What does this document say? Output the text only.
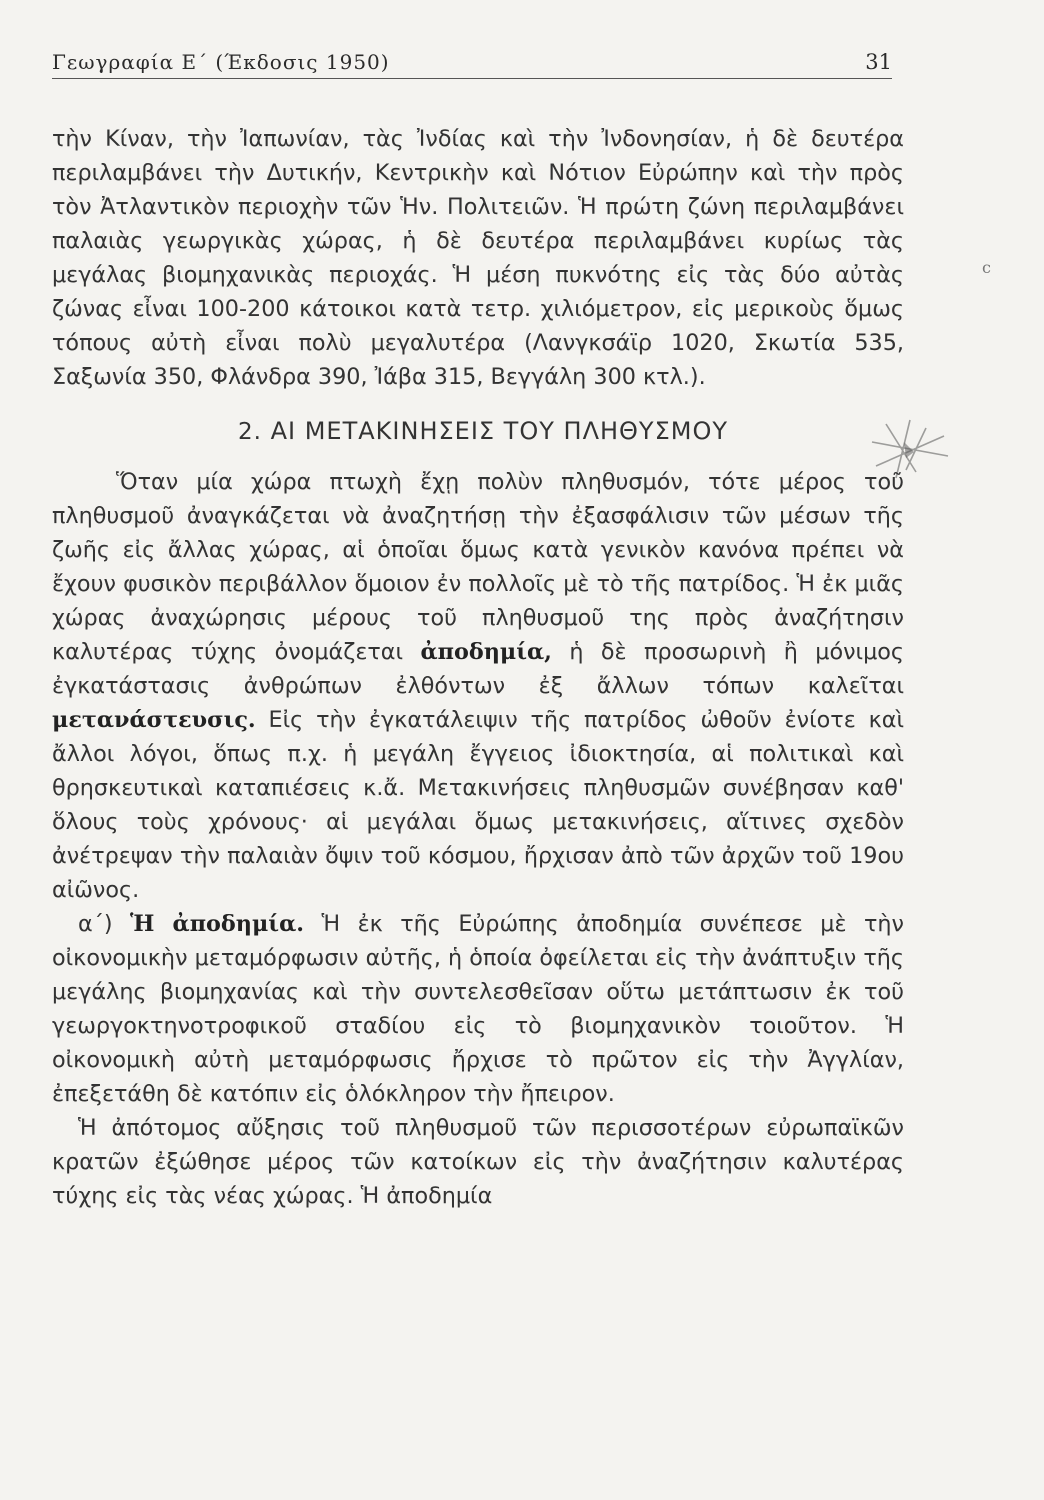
Γεωγραφία Ε΄ (Έκδοσις 1950)	31
c

τὴν Κίναν, τὴν Ἰαπωνίαν, τὰς Ἰνδίας καὶ τὴν Ἰνδονησίαν, ἡ δὲ δευτέρα περιλαμβάνει τὴν Δυτικήν, Κεντρικὴν καὶ Νότιον Εὐρώπην καὶ τὴν πρὸς τὸν Ἀτλαντικὸν περιοχὴν τῶν Ἡν. Πολιτειῶν. Ἡ πρώτη ζώνη περιλαμβάνει παλαιὰς γεωργικὰς χώρας, ἡ δὲ δευτέρα περιλαμβάνει κυρίως τὰς μεγάλας βιομηχανικὰς περιοχάς. Ἡ μέση πυκνότης εἰς τὰς δύο αὐτὰς ζώνας εἶναι 100-200 κάτοικοι κατὰ τετρ. χιλιόμετρον, εἰς μερικοὺς ὅμως τόπους αὐτὴ εἶναι πολὺ μεγαλυτέρα (Λανγκσάϊρ 1020, Σκωτία 535, Σαξωνία 350, Φλάνδρα 390, Ἰάβα 315, Βεγγάλη 300 κτλ.).

2. ΑΙ ΜΕΤΑΚΙΝΗΣΕΙΣ ΤΟΥ ΠΛΗΘΥΣΜΟΥ

Ὅταν μία χώρα πτωχὴ ἔχῃ πολὺν πληθυσμόν, τότε μέρος τοῦ πληθυσμοῦ ἀναγκάζεται νὰ ἀναζητήσῃ τὴν ἐξασφάλισιν τῶν μέσων τῆς ζωῆς εἰς ἄλλας χώρας, αἱ ὁποῖαι ὅμως κατὰ γενικὸν κανόνα πρέπει νὰ ἔχουν φυσικὸν περιβάλλον ὅμοιον ἐν πολλοῖς μὲ τὸ τῆς πατρίδος. Ἡ ἐκ μιᾶς χώρας ἀναχώρησις μέρους τοῦ πληθυσμοῦ της πρὸς ἀναζήτησιν καλυτέρας τύχης ὀνομάζεται ἀποδημία, ἡ δὲ προσωρινὴ ἢ μόνιμος ἐγκατάστασις ἀνθρώπων ἐλθόντων ἐξ ἄλλων τόπων καλεῖται μετανάστευσις. Εἰς τὴν ἐγκατάλειψιν τῆς πατρίδος ὠθοῦν ἐνίοτε καὶ ἄλλοι λόγοι, ὅπως π.χ. ἡ μεγάλη ἔγγειος ἰδιοκτησία, αἱ πολιτικαὶ καὶ θρησκευτικαὶ καταπιέσεις κ.ἄ. Μετακινήσεις πληθυσμῶν συνέβησαν καθ' ὅλους τοὺς χρόνους· αἱ μεγάλαι ὅμως μετακινήσεις, αἵτινες σχεδὸν ἀνέτρεψαν τὴν παλαιὰν ὄψιν τοῦ κόσμου, ἤρχισαν ἀπὸ τῶν ἀρχῶν τοῦ 19ου αἰῶνος.

α΄) Ἡ ἀποδημία. Ἡ ἐκ τῆς Εὐρώπης ἀποδημία συνέπεσε μὲ τὴν οἰκονομικὴν μεταμόρφωσιν αὐτῆς, ἡ ὁποία ὀφείλεται εἰς τὴν ἀνάπτυξιν τῆς μεγάλης βιομηχανίας καὶ τὴν συντελεσθεῖσαν οὕτω μετάπτωσιν ἐκ τοῦ γεωργοκτηνοτροφικοῦ σταδίου εἰς τὸ βιομηχανικὸν τοιοῦτον. Ἡ οἰκονομικὴ αὐτὴ μεταμόρφωσις ἤρχισε τὸ πρῶτον εἰς τὴν Ἀγγλίαν, ἐπεξετάθη δὲ κατόπιν εἰς ὁλόκληρον τὴν ἤπειρον.

Ἡ ἀπότομος αὔξησις τοῦ πληθυσμοῦ τῶν περισσοτέρων εὐρωπαϊκῶν κρατῶν ἐξώθησε μέρος τῶν κατοίκων εἰς τὴν ἀναζήτησιν καλυτέρας τύχης εἰς τὰς νέας χώρας. Ἡ ἀποδημία
